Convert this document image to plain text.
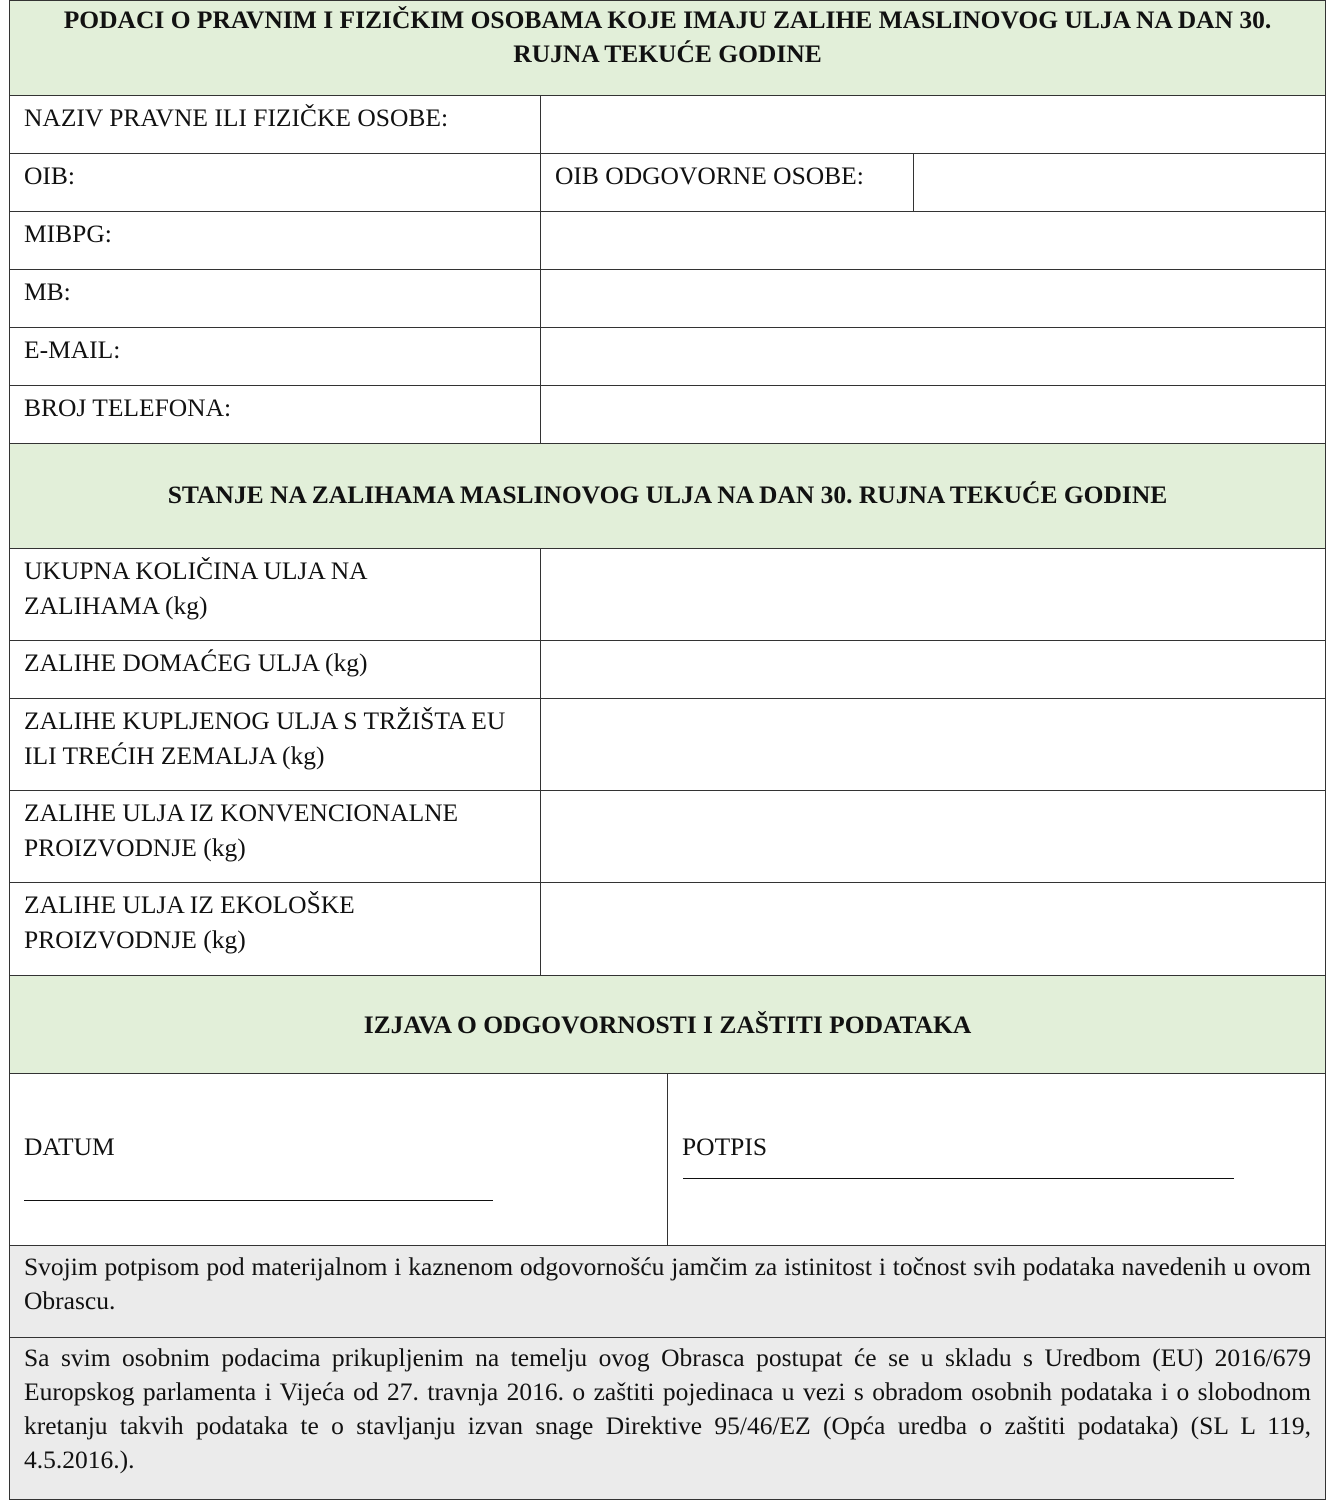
PODACI O PRAVNIM I FIZIČKIM OSOBAMA KOJE IMAJU ZALIHE MASLINOVOG ULJA NA DAN 30. RUJNA TEKUĆE GODINE
NAZIV PRAVNE ILI FIZIČKE OSOBE:
OIB:	OIB ODGOVORNE OSOBE:
MIBPG:
MB:
E-MAIL:
BROJ TELEFONA:
STANJE NA ZALIHAMA MASLINOVOG ULJA NA DAN 30. RUJNA TEKUĆE GODINE
UKUPNA KOLIČINA ULJA NA ZALIHAMA (kg)
ZALIHE DOMAĆEG ULJA (kg)
ZALIHE KUPLJENOG ULJA S TRŽIŠTA EU ILI TREĆIH ZEMALJA (kg)
ZALIHE ULJA IZ KONVENCIONALNE PROIZVODNJE (kg)
ZALIHE ULJA IZ EKOLOŠKE PROIZVODNJE (kg)
IZJAVA O ODGOVORNOSTI I ZAŠTITI PODATAKA
DATUM	POTPIS
Svojim potpisom pod materijalnom i kaznenom odgovornošću jamčim za istinitost i točnost svih podataka navedenih u ovom Obrascu.
Sa svim osobnim podacima prikupljenim na temelju ovog Obrasca postupat će se u skladu s Uredbom (EU) 2016/679 Europskog parlamenta i Vijeća od 27. travnja 2016. o zaštiti pojedinaca u vezi s obradom osobnih podataka i o slobodnom kretanju takvih podataka te o stavljanju izvan snage Direktive 95/46/EZ (Opća uredba o zaštiti podataka) (SL L 119, 4.5.2016.).
